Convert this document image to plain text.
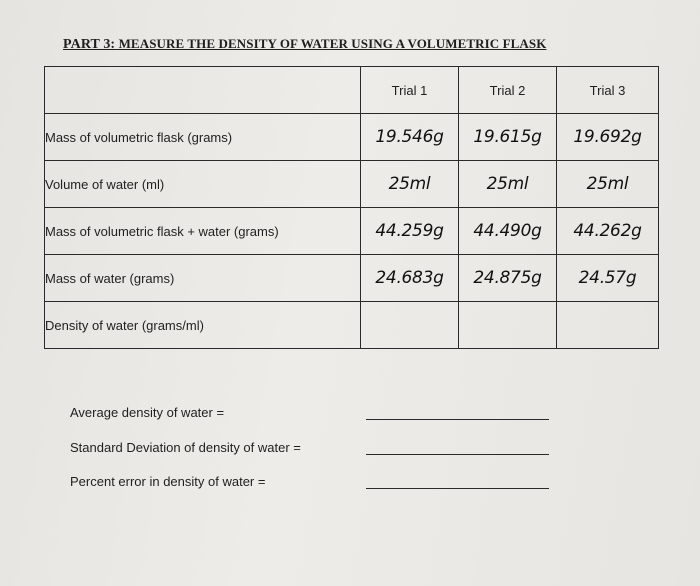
PART 3: MEASURE THE DENSITY OF WATER USING A VOLUMETRIC FLASK
	Trial 1	Trial 2	Trial 3
Mass of volumetric flask (grams)	19.546g	19.615g	19.692g
Volume of water (ml)	25ml	25ml	25ml
Mass of volumetric flask + water (grams)	44.259g	44.490g	44.262g
Mass of water (grams)	24.683g	24.875g	24.57g
Density of water (grams/ml)			
Average density of water =
Standard Deviation of density of water =
Percent error in density of water =
